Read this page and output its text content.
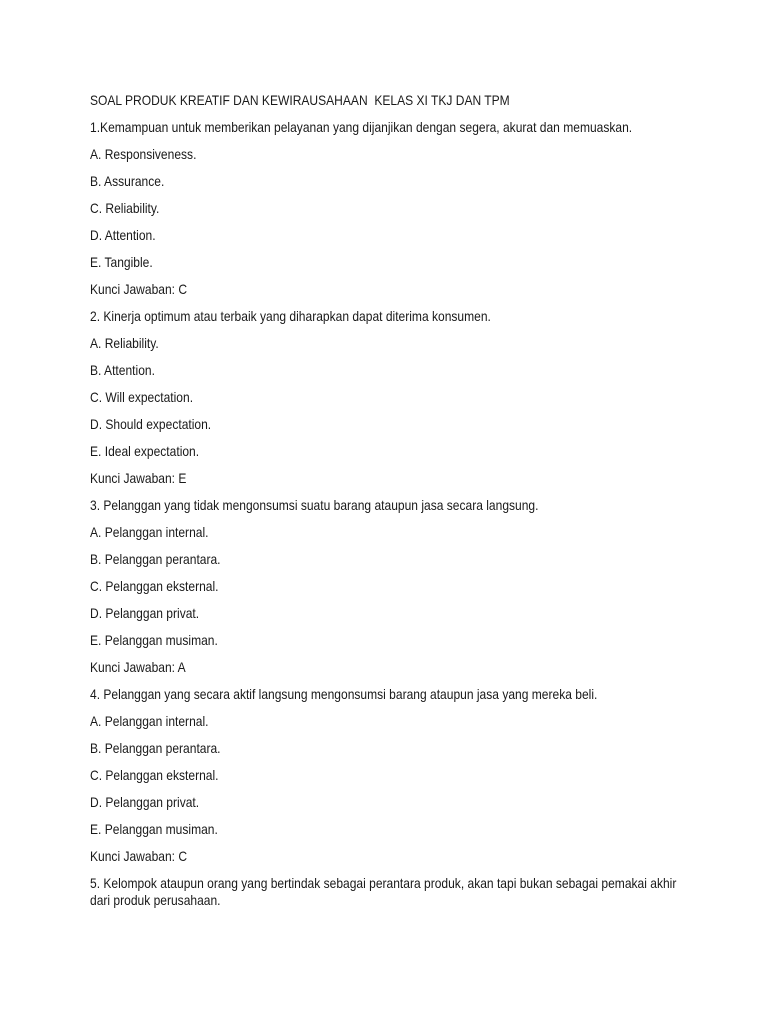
SOAL PRODUK KREATIF DAN KEWIRAUSAHAAN  KELAS XI TKJ DAN TPM
1.Kemampuan untuk memberikan pelayanan yang dijanjikan dengan segera, akurat dan memuaskan.
A. Responsiveness.
B. Assurance.
C. Reliability.
D. Attention.
E. Tangible.
Kunci Jawaban: C
2. Kinerja optimum atau terbaik yang diharapkan dapat diterima konsumen.
A. Reliability.
B. Attention.
C. Will expectation.
D. Should expectation.
E. Ideal expectation.
Kunci Jawaban: E
3. Pelanggan yang tidak mengonsumsi suatu barang ataupun jasa secara langsung.
A. Pelanggan internal.
B. Pelanggan perantara.
C. Pelanggan eksternal.
D. Pelanggan privat.
E. Pelanggan musiman.
Kunci Jawaban: A
4. Pelanggan yang secara aktif langsung mengonsumsi barang ataupun jasa yang mereka beli.
A. Pelanggan internal.
B. Pelanggan perantara.
C. Pelanggan eksternal.
D. Pelanggan privat.
E. Pelanggan musiman.
Kunci Jawaban: C
5. Kelompok ataupun orang yang bertindak sebagai perantara produk, akan tapi bukan sebagai pemakai akhir dari produk perusahaan.
